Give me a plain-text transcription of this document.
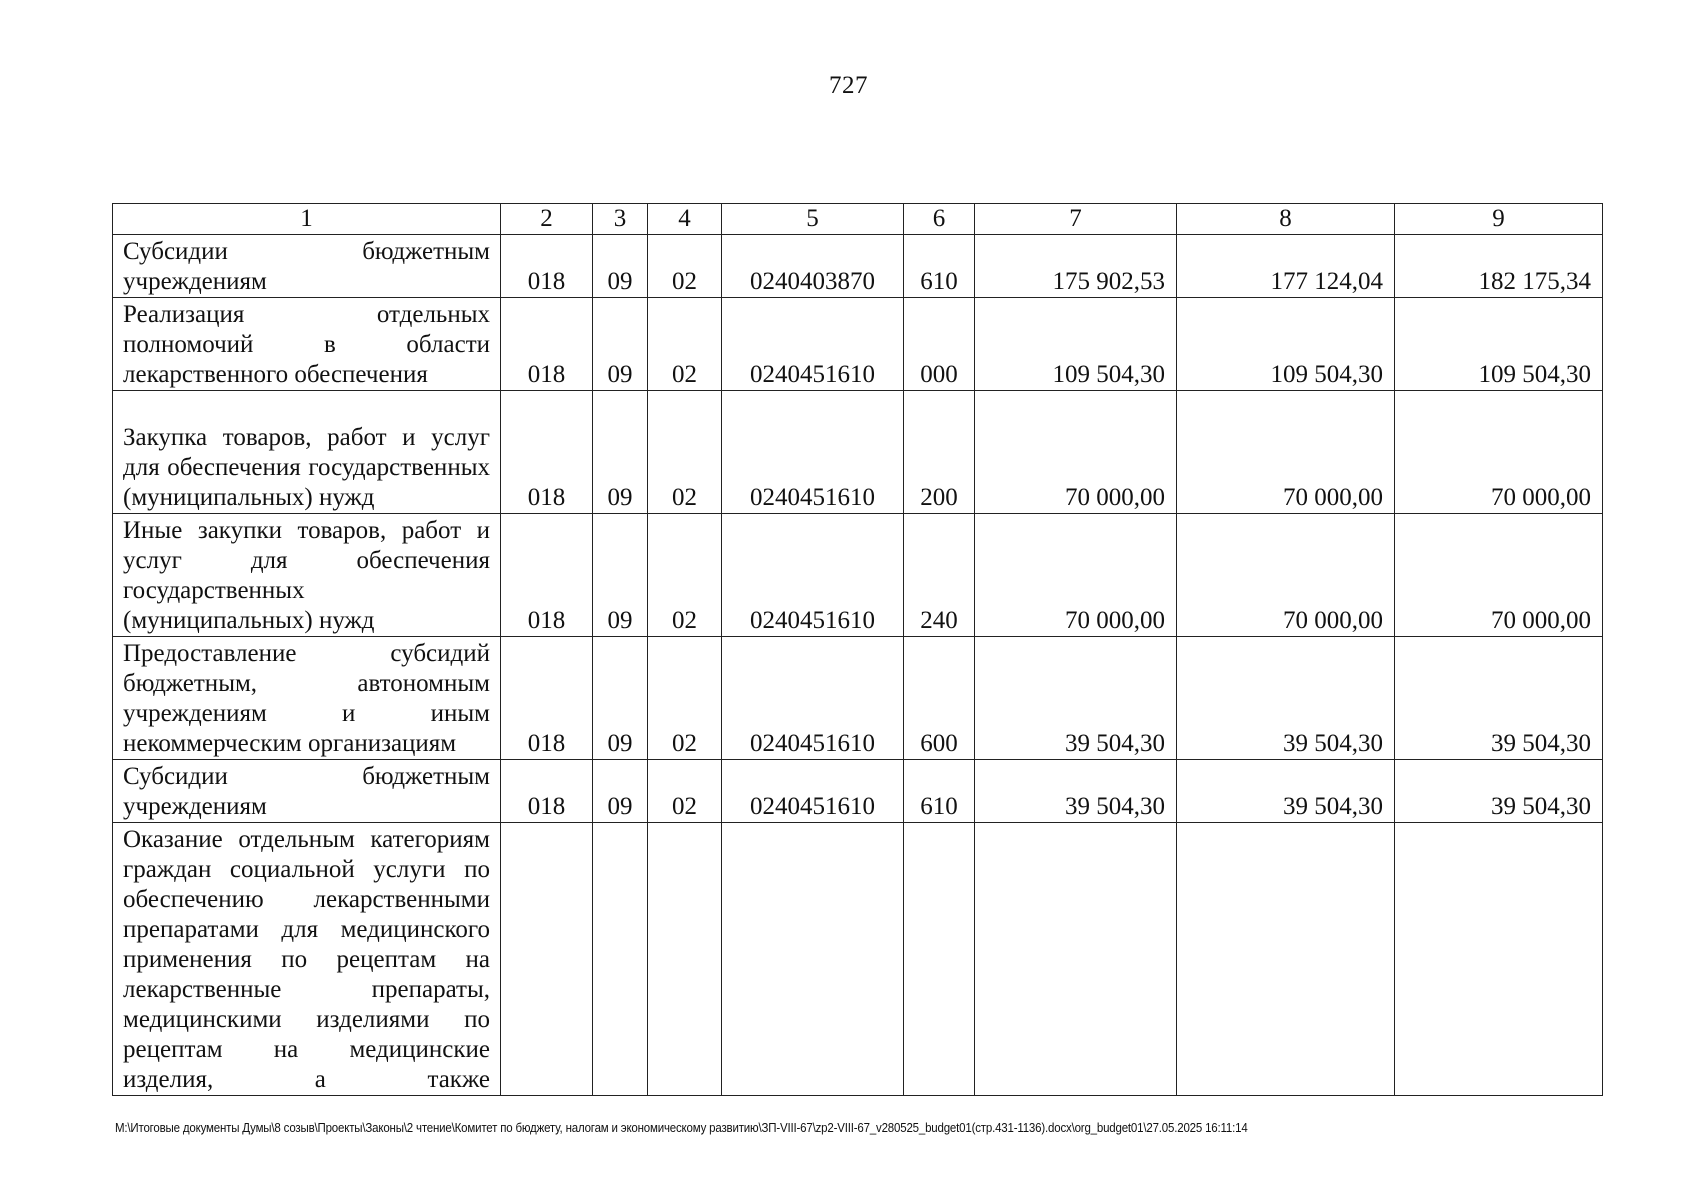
727
1	2	3	4	5	6	7	8	9
Субсидии бюджетным учреждениям	018	09	02	0240403870	610	175 902,53	177 124,04	182 175,34
Реализация отдельных полномочий в области лекарственного обеспечения	018	09	02	0240451610	000	109 504,30	109 504,30	109 504,30
Закупка товаров, работ и услуг для обеспечения государственных (муниципальных) нужд	018	09	02	0240451610	200	70 000,00	70 000,00	70 000,00
Иные закупки товаров, работ и услуг для обеспечения государственных (муниципальных) нужд	018	09	02	0240451610	240	70 000,00	70 000,00	70 000,00
Предоставление субсидий бюджетным, автономным учреждениям и иным некоммерческим организациям	018	09	02	0240451610	600	39 504,30	39 504,30	39 504,30
Субсидии бюджетным учреждениям	018	09	02	0240451610	610	39 504,30	39 504,30	39 504,30
Оказание отдельным категориям граждан социальной услуги по обеспечению лекарственными препаратами для медицинского применения по рецептам на лекарственные препараты, медицинскими изделиями по рецептам на медицинские изделия, а также								
M:\Итоговые документы Думы\8 созыв\Проекты\Законы\2 чтение\Комитет по бюджету, налогам и экономическому развитию\ЗП-VIII-67\zp2-VIII-67_v280525_budget01(стр.431-1136).docx\org_budget01\27.05.2025 16:11:14
